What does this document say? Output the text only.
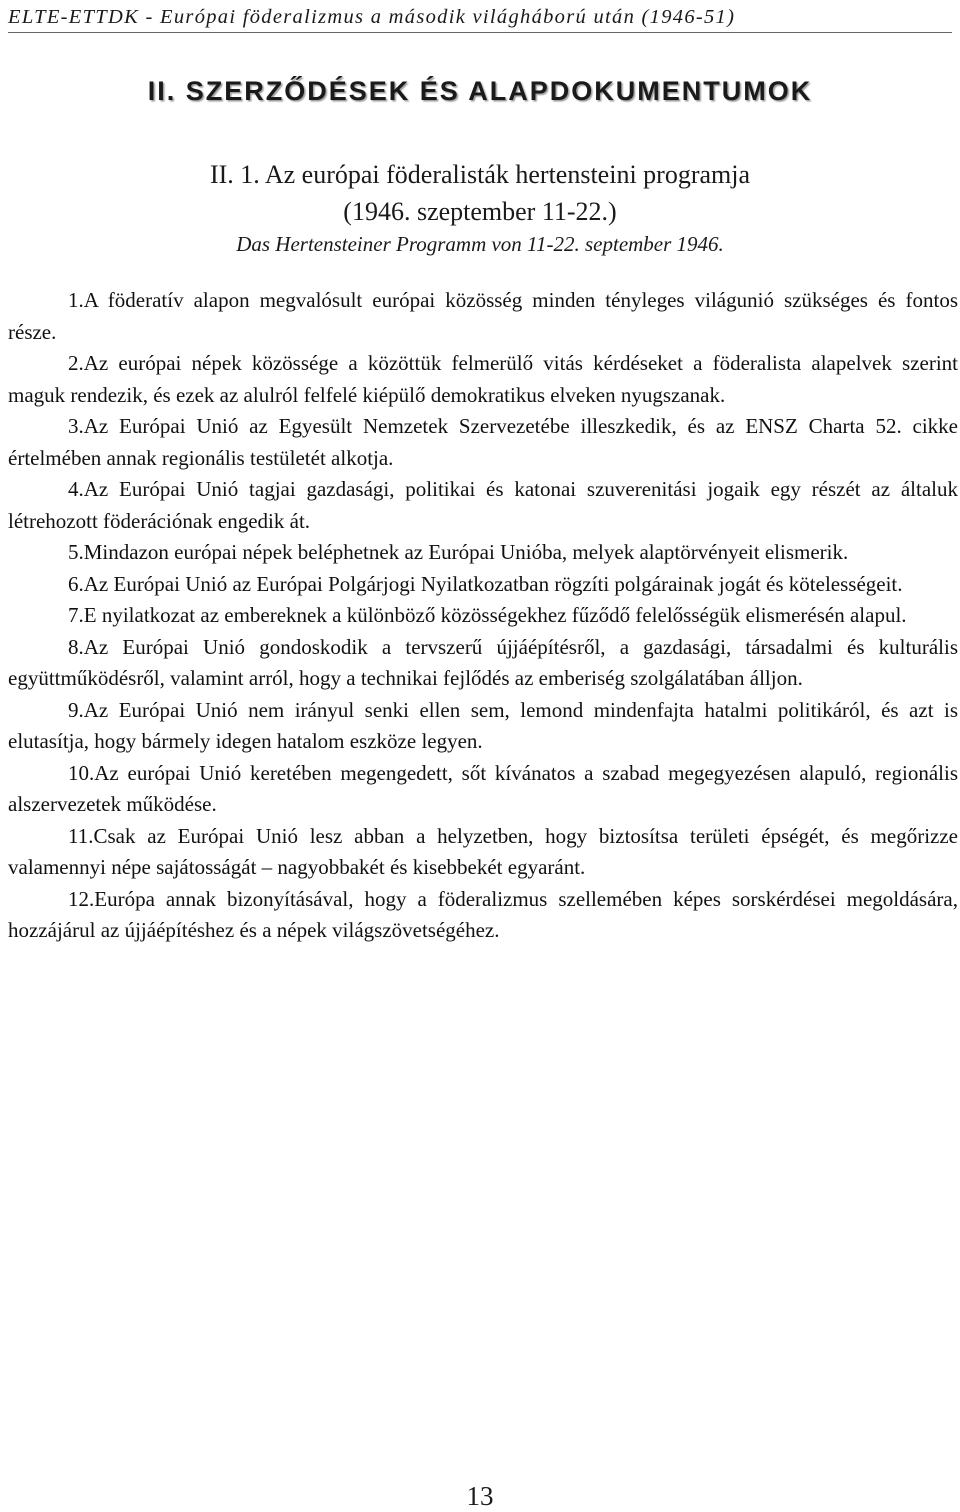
ELTE-ETTDK - Európai föderalizmus a második világháború után (1946-51)
II. SZERZŐDÉSEK ÉS ALAPDOKUMENTUMOK
II. 1. Az európai föderalisták hertensteini programja
(1946. szeptember 11-22.)
Das Hertensteiner Programm von 11-22. september 1946.
1.A föderatív alapon megvalósult európai közösség minden tényleges világunió szükséges és fontos része.
2.Az európai népek közössége a közöttük felmerülő vitás kérdéseket a föderalista alapelvek szerint maguk rendezik, és ezek az alulról felfelé kiépülő demokratikus elveken nyugszanak.
3.Az Európai Unió az Egyesült Nemzetek Szervezetébe illeszkedik, és az ENSZ Charta 52. cikke értelmében annak regionális testületét alkotja.
4.Az Európai Unió tagjai gazdasági, politikai és katonai szuverenitási jogaik egy részét az általuk létrehozott föderációnak engedik át.
5.Mindazon európai népek beléphetnek az Európai Unióba, melyek alaptörvényeit elismerik.
6.Az Európai Unió az Európai Polgárjogi Nyilatkozatban rögzíti polgárainak jogát és kötelességeit.
7.E nyilatkozat az embereknek a különböző közösségekhez fűződő felelősségük elismerésén alapul.
8.Az Európai Unió gondoskodik a tervszerű újjáépítésről, a gazdasági, társadalmi és kulturális együttműködésről, valamint arról, hogy a technikai fejlődés az emberiség szolgálatában álljon.
9.Az Európai Unió nem irányul senki ellen sem, lemond mindenfajta hatalmi politikáról, és azt is elutasítja, hogy bármely idegen hatalom eszköze legyen.
10.Az európai Unió keretében megengedett, sőt kívánatos a szabad megegyezésen alapuló, regionális alszervezetek működése.
11.Csak az Európai Unió lesz abban a helyzetben, hogy biztosítsa területi épségét, és megőrizze valamennyi népe sajátosságát – nagyobbakét és kisebbekét egyaránt.
12.Európa annak bizonyításával, hogy a föderalizmus szellemében képes sorskérdései megoldására, hozzájárul az újjáépítéshez és a népek világszövetségéhez.
13
